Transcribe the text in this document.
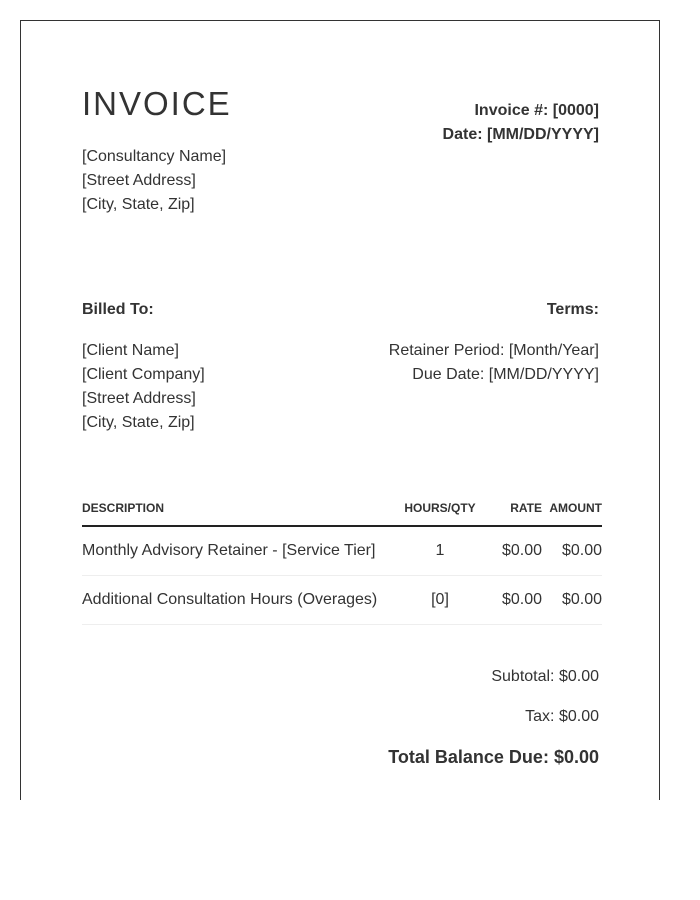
INVOICE	Invoice #: [0000]
Date: [MM/DD/YYYY]
[Consultancy Name]
[Street Address]
[City, State, Zip]
Billed To:	Terms:
[Client Name]
[Client Company]
[Street Address]
[City, State, Zip]
Retainer Period: [Month/Year]
Due Date: [MM/DD/YYYY]
DESCRIPTION	HOURS/QTY	RATE	AMOUNT
Monthly Advisory Retainer - [Service Tier]	1	$0.00	$0.00
Additional Consultation Hours (Overages)	[0]	$0.00	$0.00
Subtotal: $0.00
Tax: $0.00
Total Balance Due: $0.00
